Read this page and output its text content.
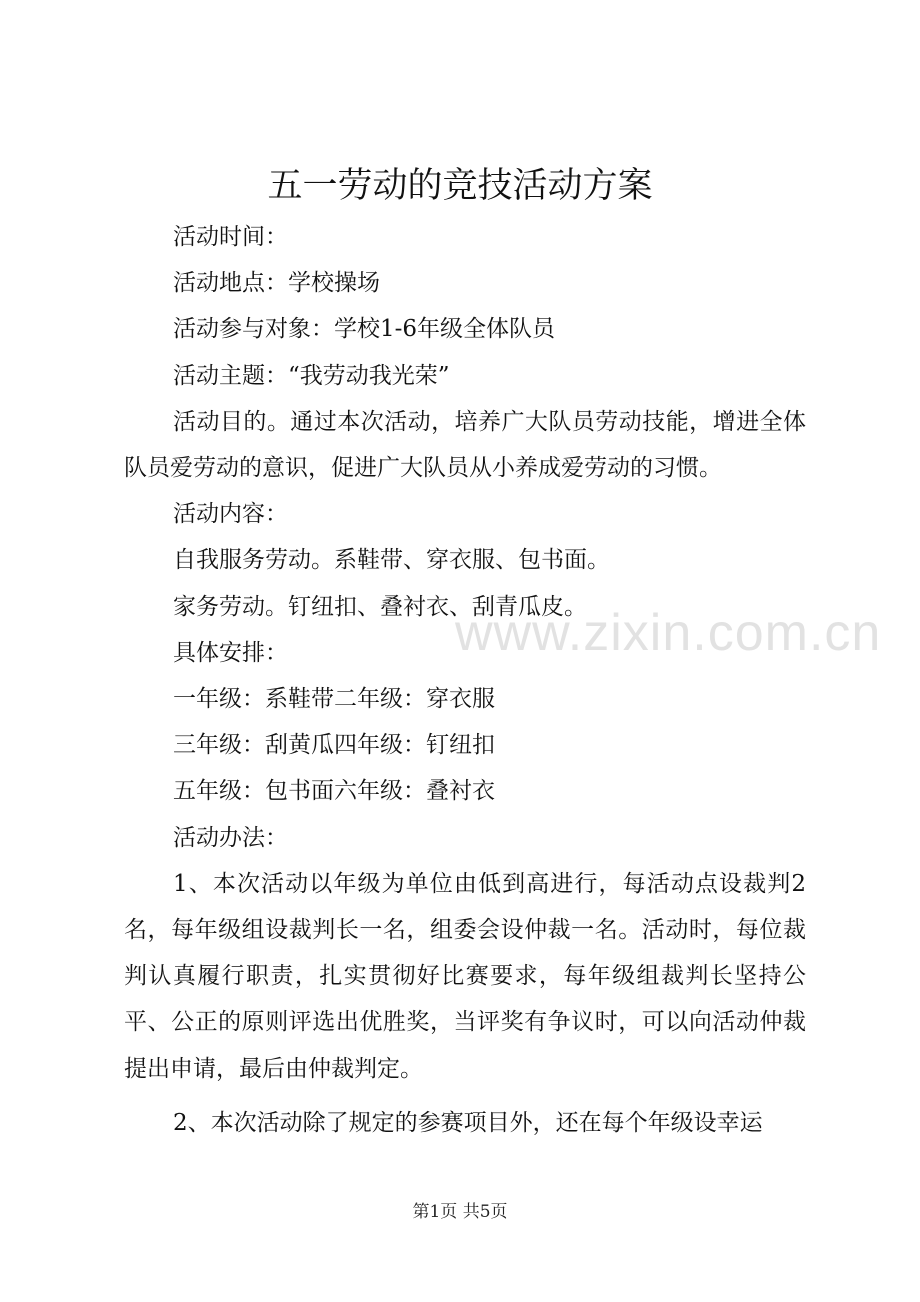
五一劳动的竞技活动方案

活动时间：

活动地点：学校操场

活动参与对象：学校1-6年级全体队员

活动主题：“我劳动我光荣”

活动目的。通过本次活动，培养广大队员劳动技能，增进全体队员爱劳动的意识，促进广大队员从小养成爱劳动的习惯。

活动内容：

自我服务劳动。系鞋带、穿衣服、包书面。

家务劳动。钉纽扣、叠衬衣、刮青瓜皮。

具体安排：

一年级：系鞋带二年级：穿衣服

三年级：刮黄瓜四年级：钉纽扣

五年级：包书面六年级：叠衬衣

活动办法：

1、本次活动以年级为单位由低到高进行，每活动点设裁判2名，每年级组设裁判长一名，组委会设仲裁一名。活动时，每位裁判认真履行职责，扎实贯彻好比赛要求，每年级组裁判长坚持公平、公正的原则评选出优胜奖，当评奖有争议时，可以向活动仲裁提出申请，最后由仲裁判定。

2、本次活动除了规定的参赛项目外，还在每个年级设幸运

www.zixin.com.cn
第1页 共5页
